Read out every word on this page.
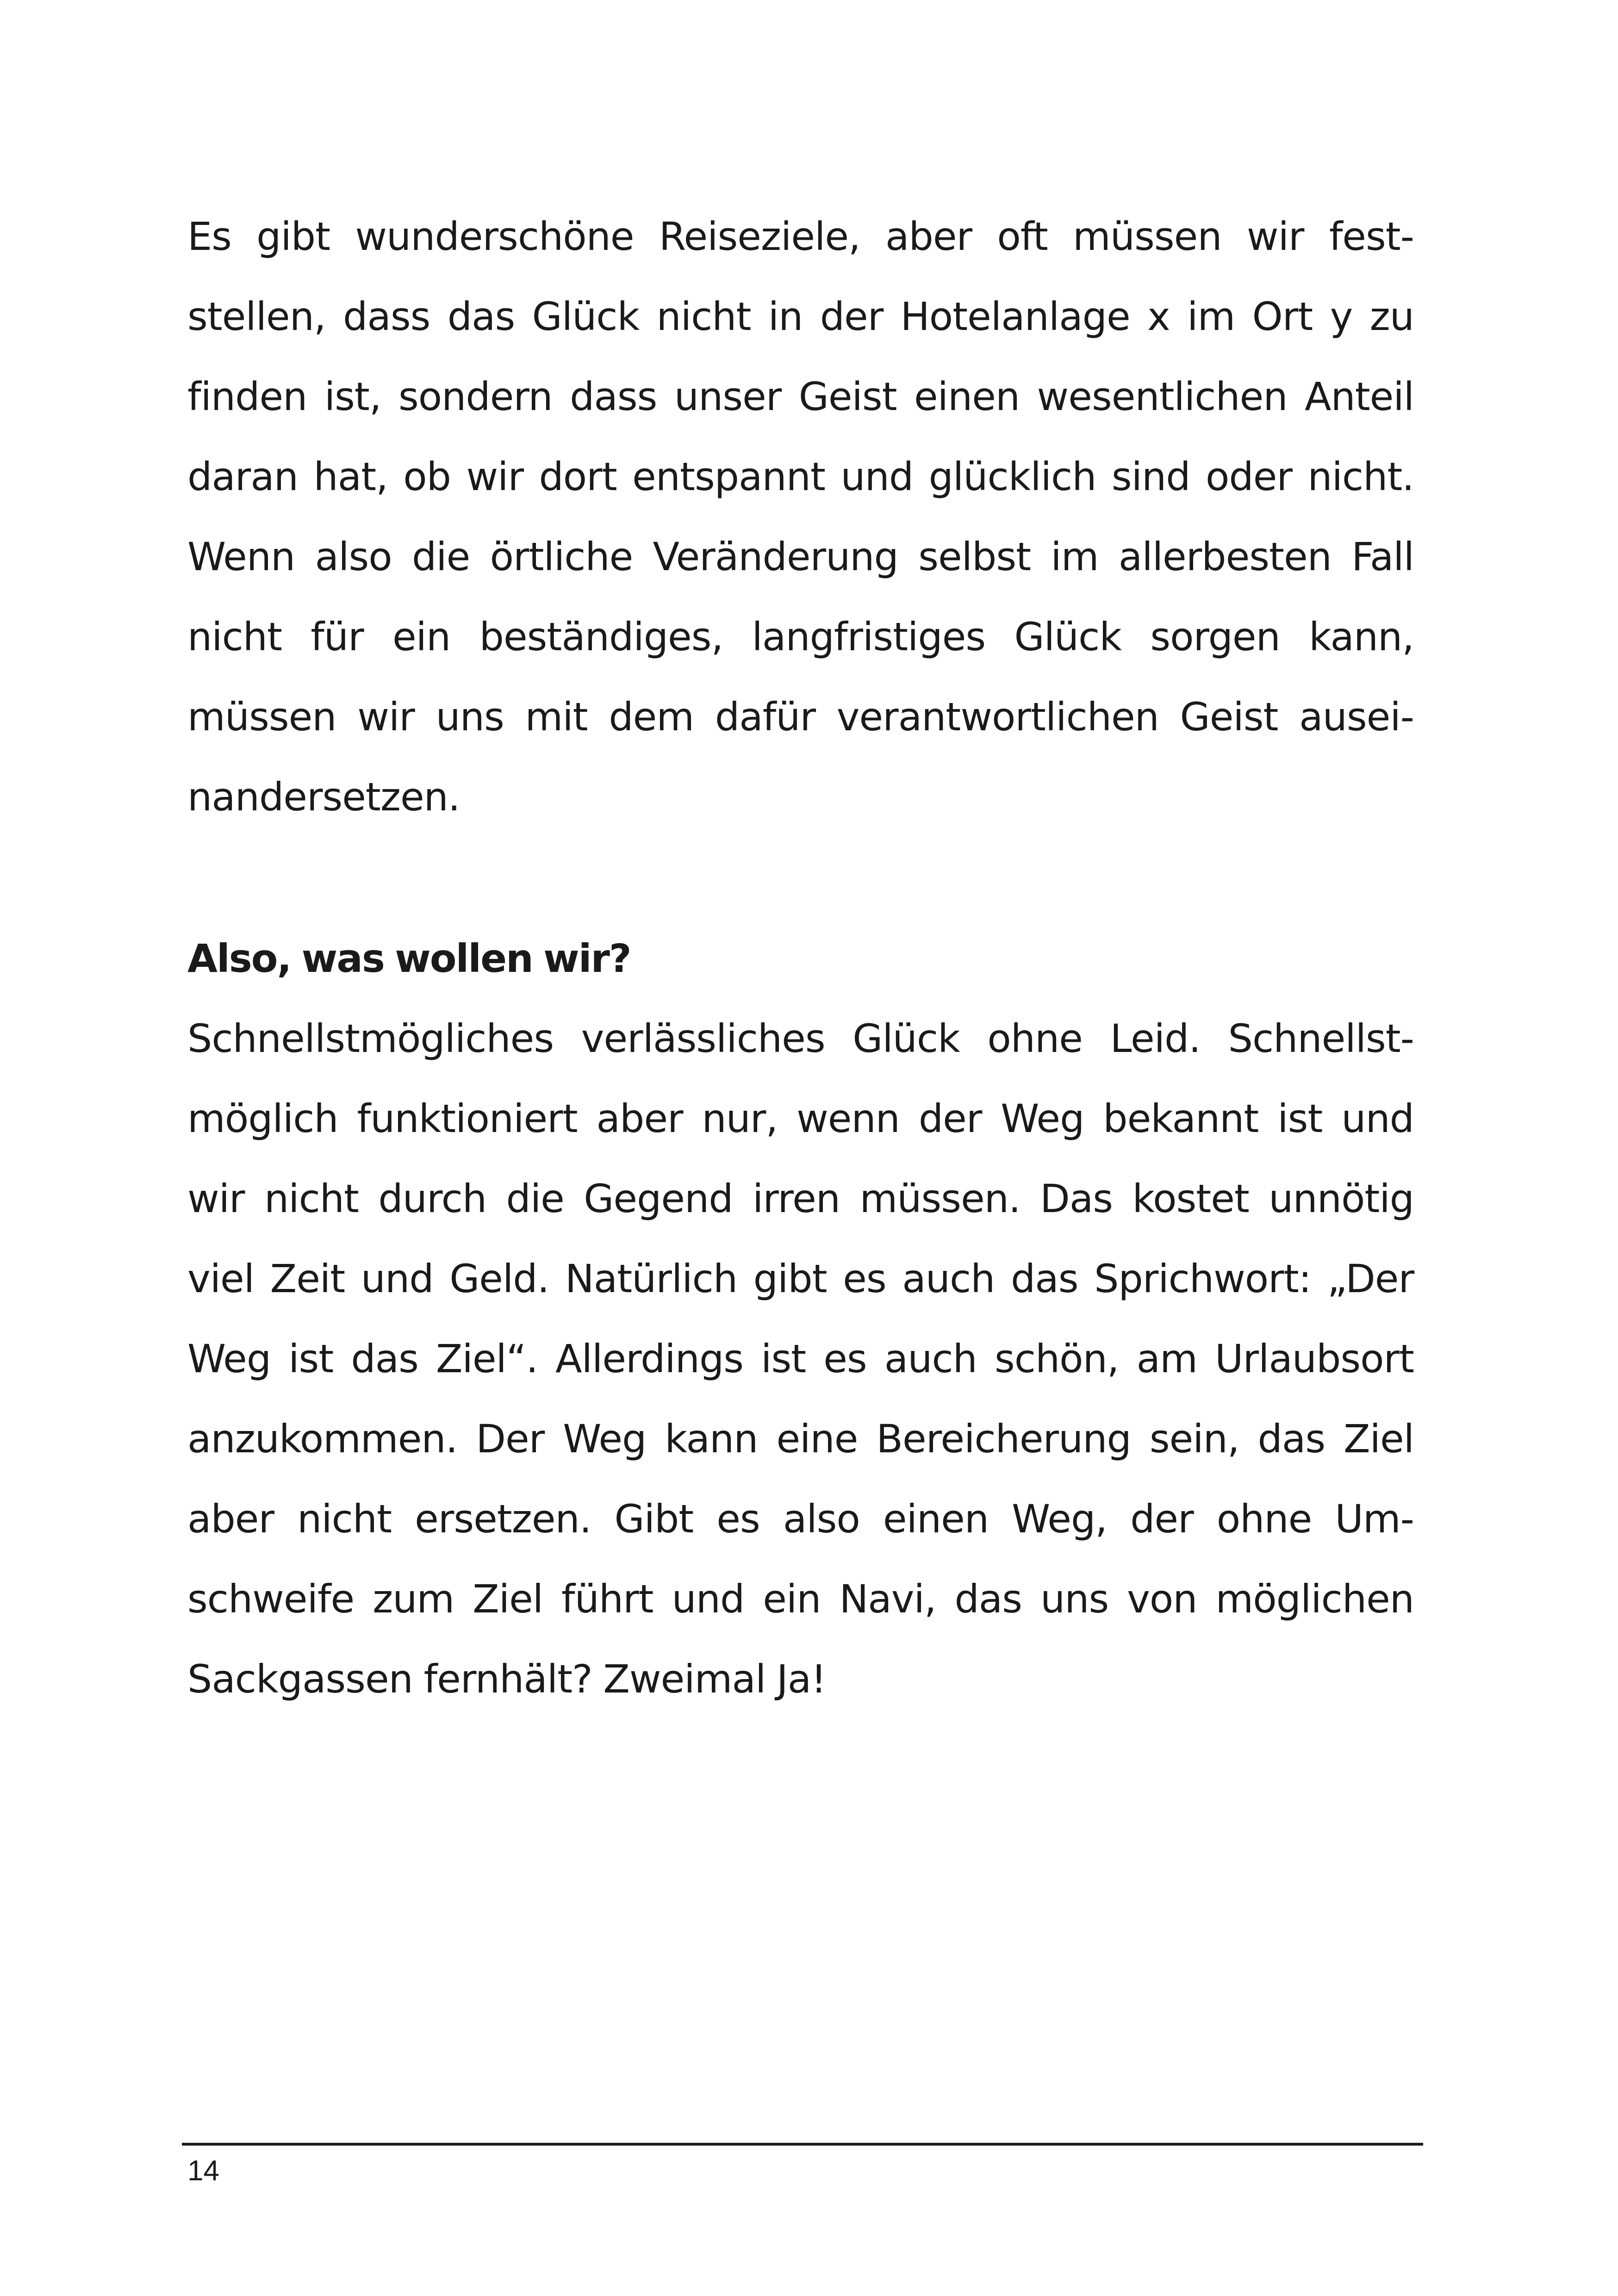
Es gibt wunderschöne Reiseziele, aber oft müssen wir fest-
stellen, dass das Glück nicht in der Hotelanlage x im Ort y zu
finden ist, sondern dass unser Geist einen wesentlichen Anteil
daran hat, ob wir dort entspannt und glücklich sind oder nicht.
Wenn also die örtliche Veränderung selbst im allerbesten Fall
nicht für ein beständiges, langfristiges Glück sorgen kann,
müssen wir uns mit dem dafür verantwortlichen Geist ausei-
nandersetzen.
Also, was wollen wir?
Schnellstmögliches verlässliches Glück ohne Leid. Schnellst-
möglich funktioniert aber nur, wenn der Weg bekannt ist und
wir nicht durch die Gegend irren müssen. Das kostet unnötig
viel Zeit und Geld. Natürlich gibt es auch das Sprichwort: „Der
Weg ist das Ziel“. Allerdings ist es auch schön, am Urlaubsort
anzukommen. Der Weg kann eine Bereicherung sein, das Ziel
aber nicht ersetzen. Gibt es also einen Weg, der ohne Um-
schweife zum Ziel führt und ein Navi, das uns von möglichen
Sackgassen fernhält? Zweimal Ja!
14
